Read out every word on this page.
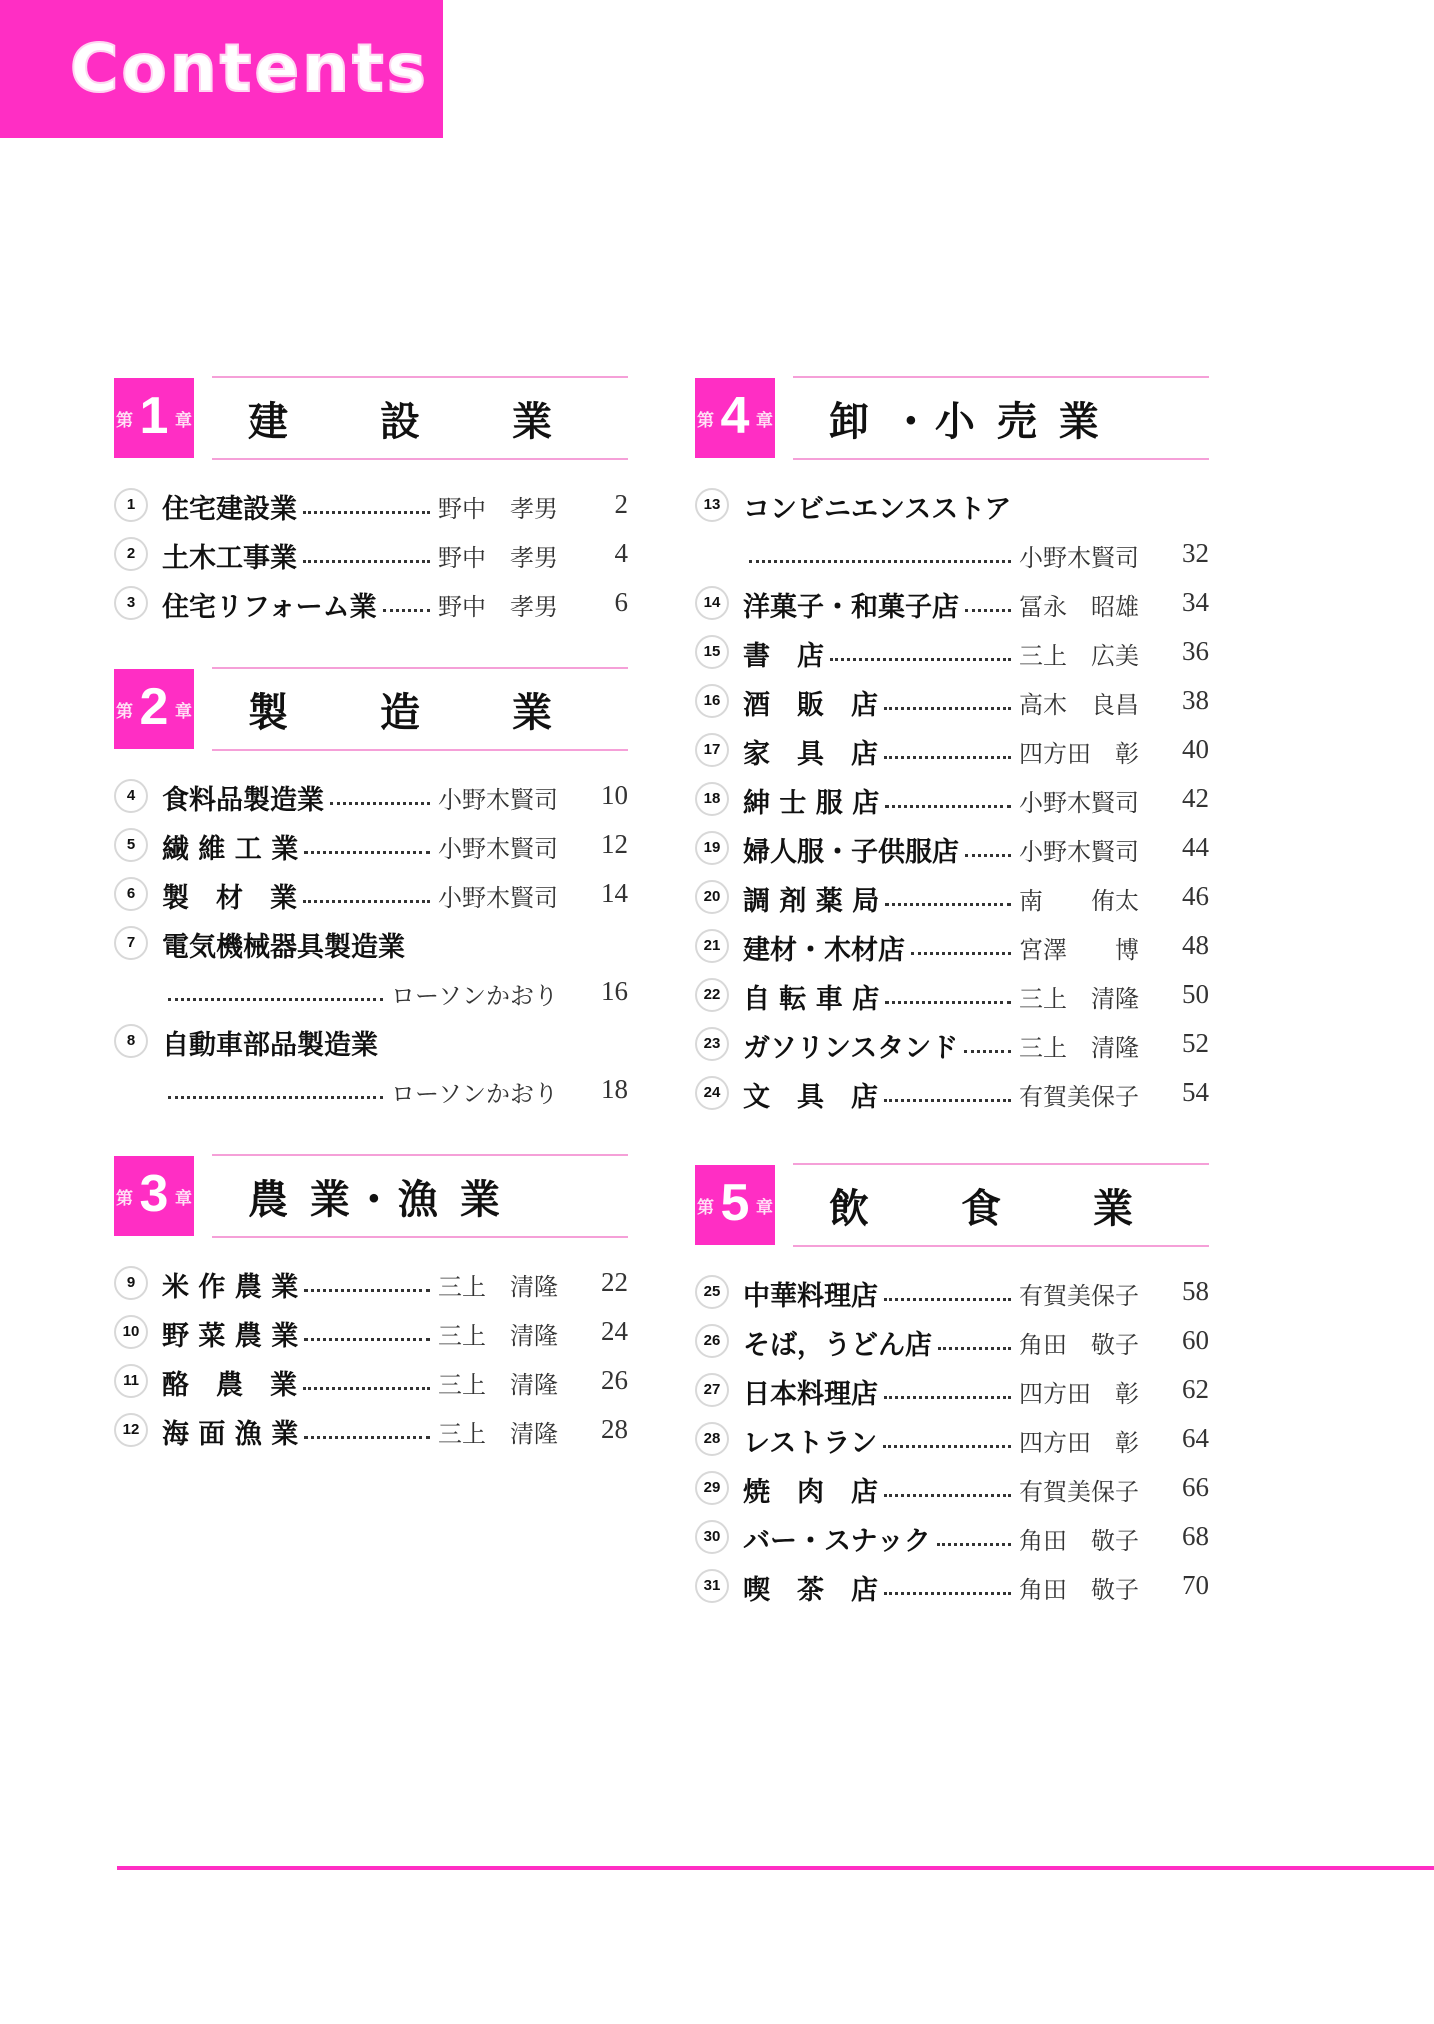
Contents
第 1 章 建　　設　　業
1 住宅建設業	野中　孝男 2
2 土木工事業	野中　孝男 4
3 住宅リフォーム業	野中　孝男 6
第 2 章 製　　造　　業
4 食料品製造業	小野木賢司 10
5 繊 維 工 業	小野木賢司 12
6 製　材　業	小野木賢司 14
7 電気機械器具製造業
ローソンかおり 16
8 自動車部品製造業
ローソンかおり 18
第 3 章 農 業・漁 業
9 米 作 農 業	三上　清隆 22
10 野 菜 農 業	三上　清隆 24
11 酪　農　業	三上　清隆 26
12 海 面 漁 業	三上　清隆 28
第 4 章 卸 ・小 売 業
13 コンビニエンスストア
小野木賢司 32
14 洋菓子・和菓子店	冨永　昭雄 34
15 書　店	三上　広美 36
16 酒　販　店	高木　良昌 38
17 家　具　店	四方田　彰 40
18 紳 士 服 店	小野木賢司 42
19 婦人服・子供服店	小野木賢司 44
20 調 剤 薬 局	南　　侑太 46
21 建材・木材店	宮澤　　博 48
22 自 転 車 店	三上　清隆 50
23 ガソリンスタンド	三上　清隆 52
24 文　具　店	有賀美保子 54
第 5 章 飲　　食　　業
25 中華料理店	有賀美保子 58
26 そば，うどん店	角田　敬子 60
27 日本料理店	四方田　彰 62
28 レストラン	四方田　彰 64
29 焼　肉　店	有賀美保子 66
30 バー・スナック	角田　敬子 68
31 喫　茶　店	角田　敬子 70
